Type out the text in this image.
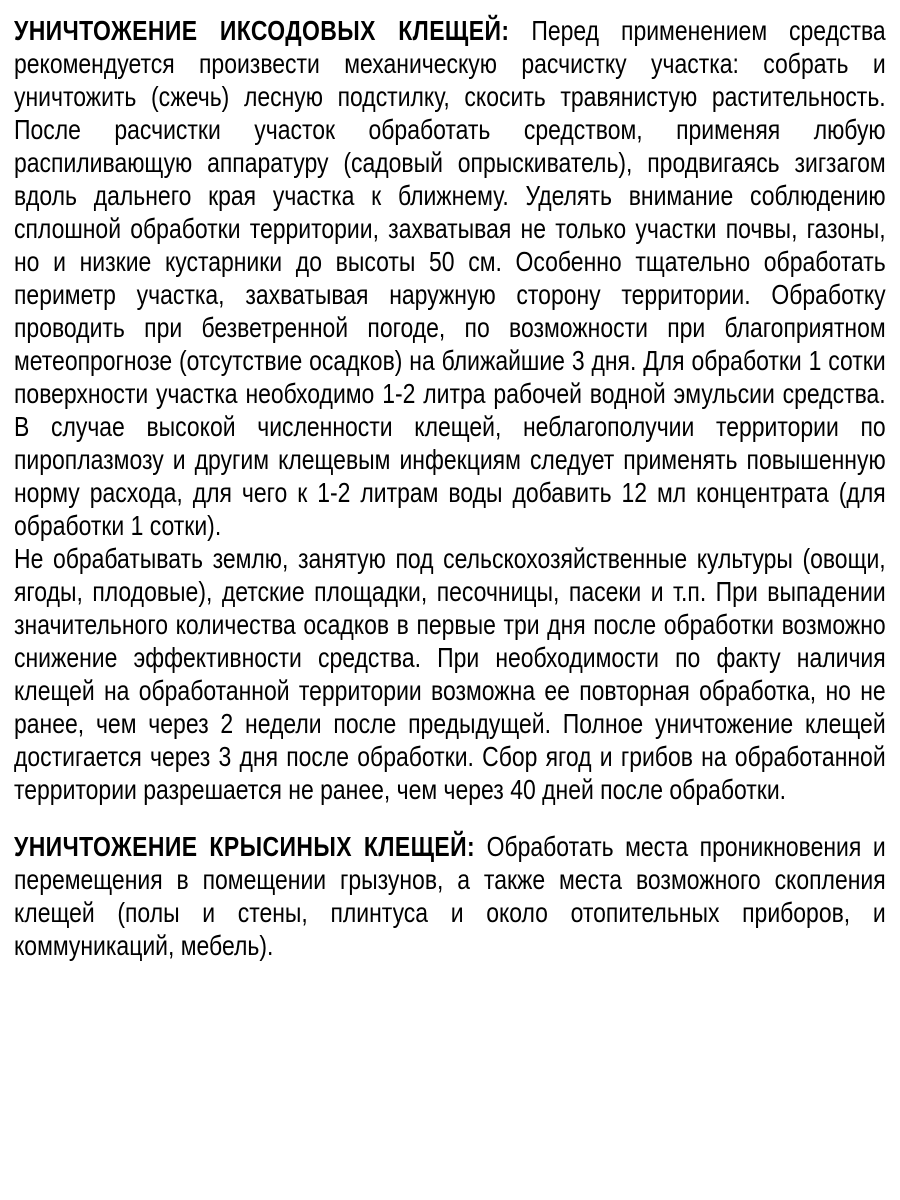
УНИЧТОЖЕНИЕ ИКСОДОВЫХ КЛЕЩЕЙ: Перед применением средства рекомендуется произвести механическую расчистку участка: собрать и уничтожить (сжечь) лесную подстилку, скосить травянистую растительность. После расчистки участок обработать средством, применяя любую распиливающую аппаратуру (садовый опрыскиватель), продвигаясь зигзагом вдоль дальнего края участка к ближнему. Уделять внимание соблюдению сплошной обработки территории, захватывая не только участки почвы, газоны, но и низкие кустарники до высоты 50 см. Особенно тщательно обработать периметр участка, захватывая наружную сторону территории. Обработку проводить при безветренной погоде, по возможности при благоприятном метеопрогнозе (отсутствие осадков) на ближайшие 3 дня. Для обработки 1 сотки поверхности участка необходимо 1-2 литра рабочей водной эмульсии средства. В случае высокой численности клещей, неблагополучии территории по пироплазмозу и другим клещевым инфекциям следует применять повышенную норму расхода, для чего к 1-2 литрам воды добавить 12 мл концентрата (для обработки 1 сотки).

Не обрабатывать землю, занятую под сельскохозяйственные культуры (овощи, ягоды, плодовые), детские площадки, песочницы, пасеки и т.п. При выпадении значительного количества осадков в первые три дня после обработки возможно снижение эффективности средства. При необходимости по факту наличия клещей на обработанной территории возможна ее повторная обработка, но не ранее, чем через 2 недели после предыдущей. Полное уничтожение клещей достигается через 3 дня после обработки. Сбор ягод и грибов на обработанной территории разрешается не ранее, чем через 40 дней после обработки.

УНИЧТОЖЕНИЕ КРЫСИНЫХ КЛЕЩЕЙ: Обработать места проникновения и перемещения в помещении грызунов, а также места возможного скопления клещей (полы и стены, плинтуса и около отопительных приборов, и коммуникаций, мебель).
